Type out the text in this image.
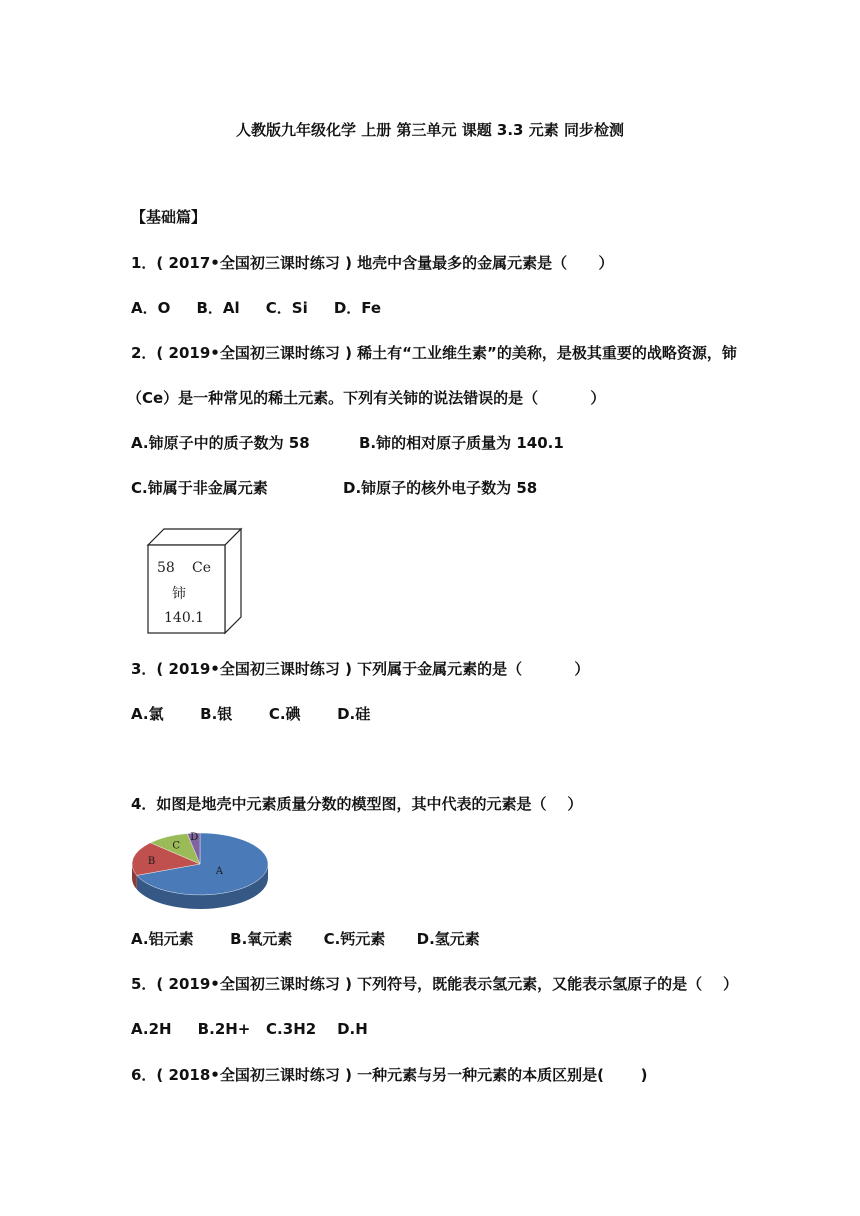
人教版九年级化学 上册 第三单元 课题 3.3 元素 同步检测
【基础篇】
1．( 2017•全国初三课时练习 ) 地壳中含量最多的金属元素是（      ）
A．O     B．Al     C．Si     D．Fe
2．( 2019•全国初三课时练习 ) 稀土有“工业维生素”的美称，是极其重要的战略资源，铈
（Ce）是一种常见的稀土元素。下列有关铈的说法错误的是（          ）
A.铈原子中的质子数为 58	B.铈的相对原子质量为 140.1
C.铈属于非金属元素	D.铈原子的核外电子数为 58
58 Ce
铈
140.1
3．( 2019•全国初三课时练习 ) 下列属于金属元素的是（          ）
A.氯       B.银       C.碘       D.硅
4．如图是地壳中元素质量分数的模型图，其中代表的元素是（    ）
A
B
C
D
A.铝元素       B.氧元素      C.钙元素      D.氢元素
5．( 2019•全国初三课时练习 ) 下列符号，既能表示氢元素，又能表示氢原子的是（    ）
A.2H     B.2H+   C.3H2    D.H
6．( 2018•全国初三课时练习 ) 一种元素与另一种元素的本质区别是(       )
